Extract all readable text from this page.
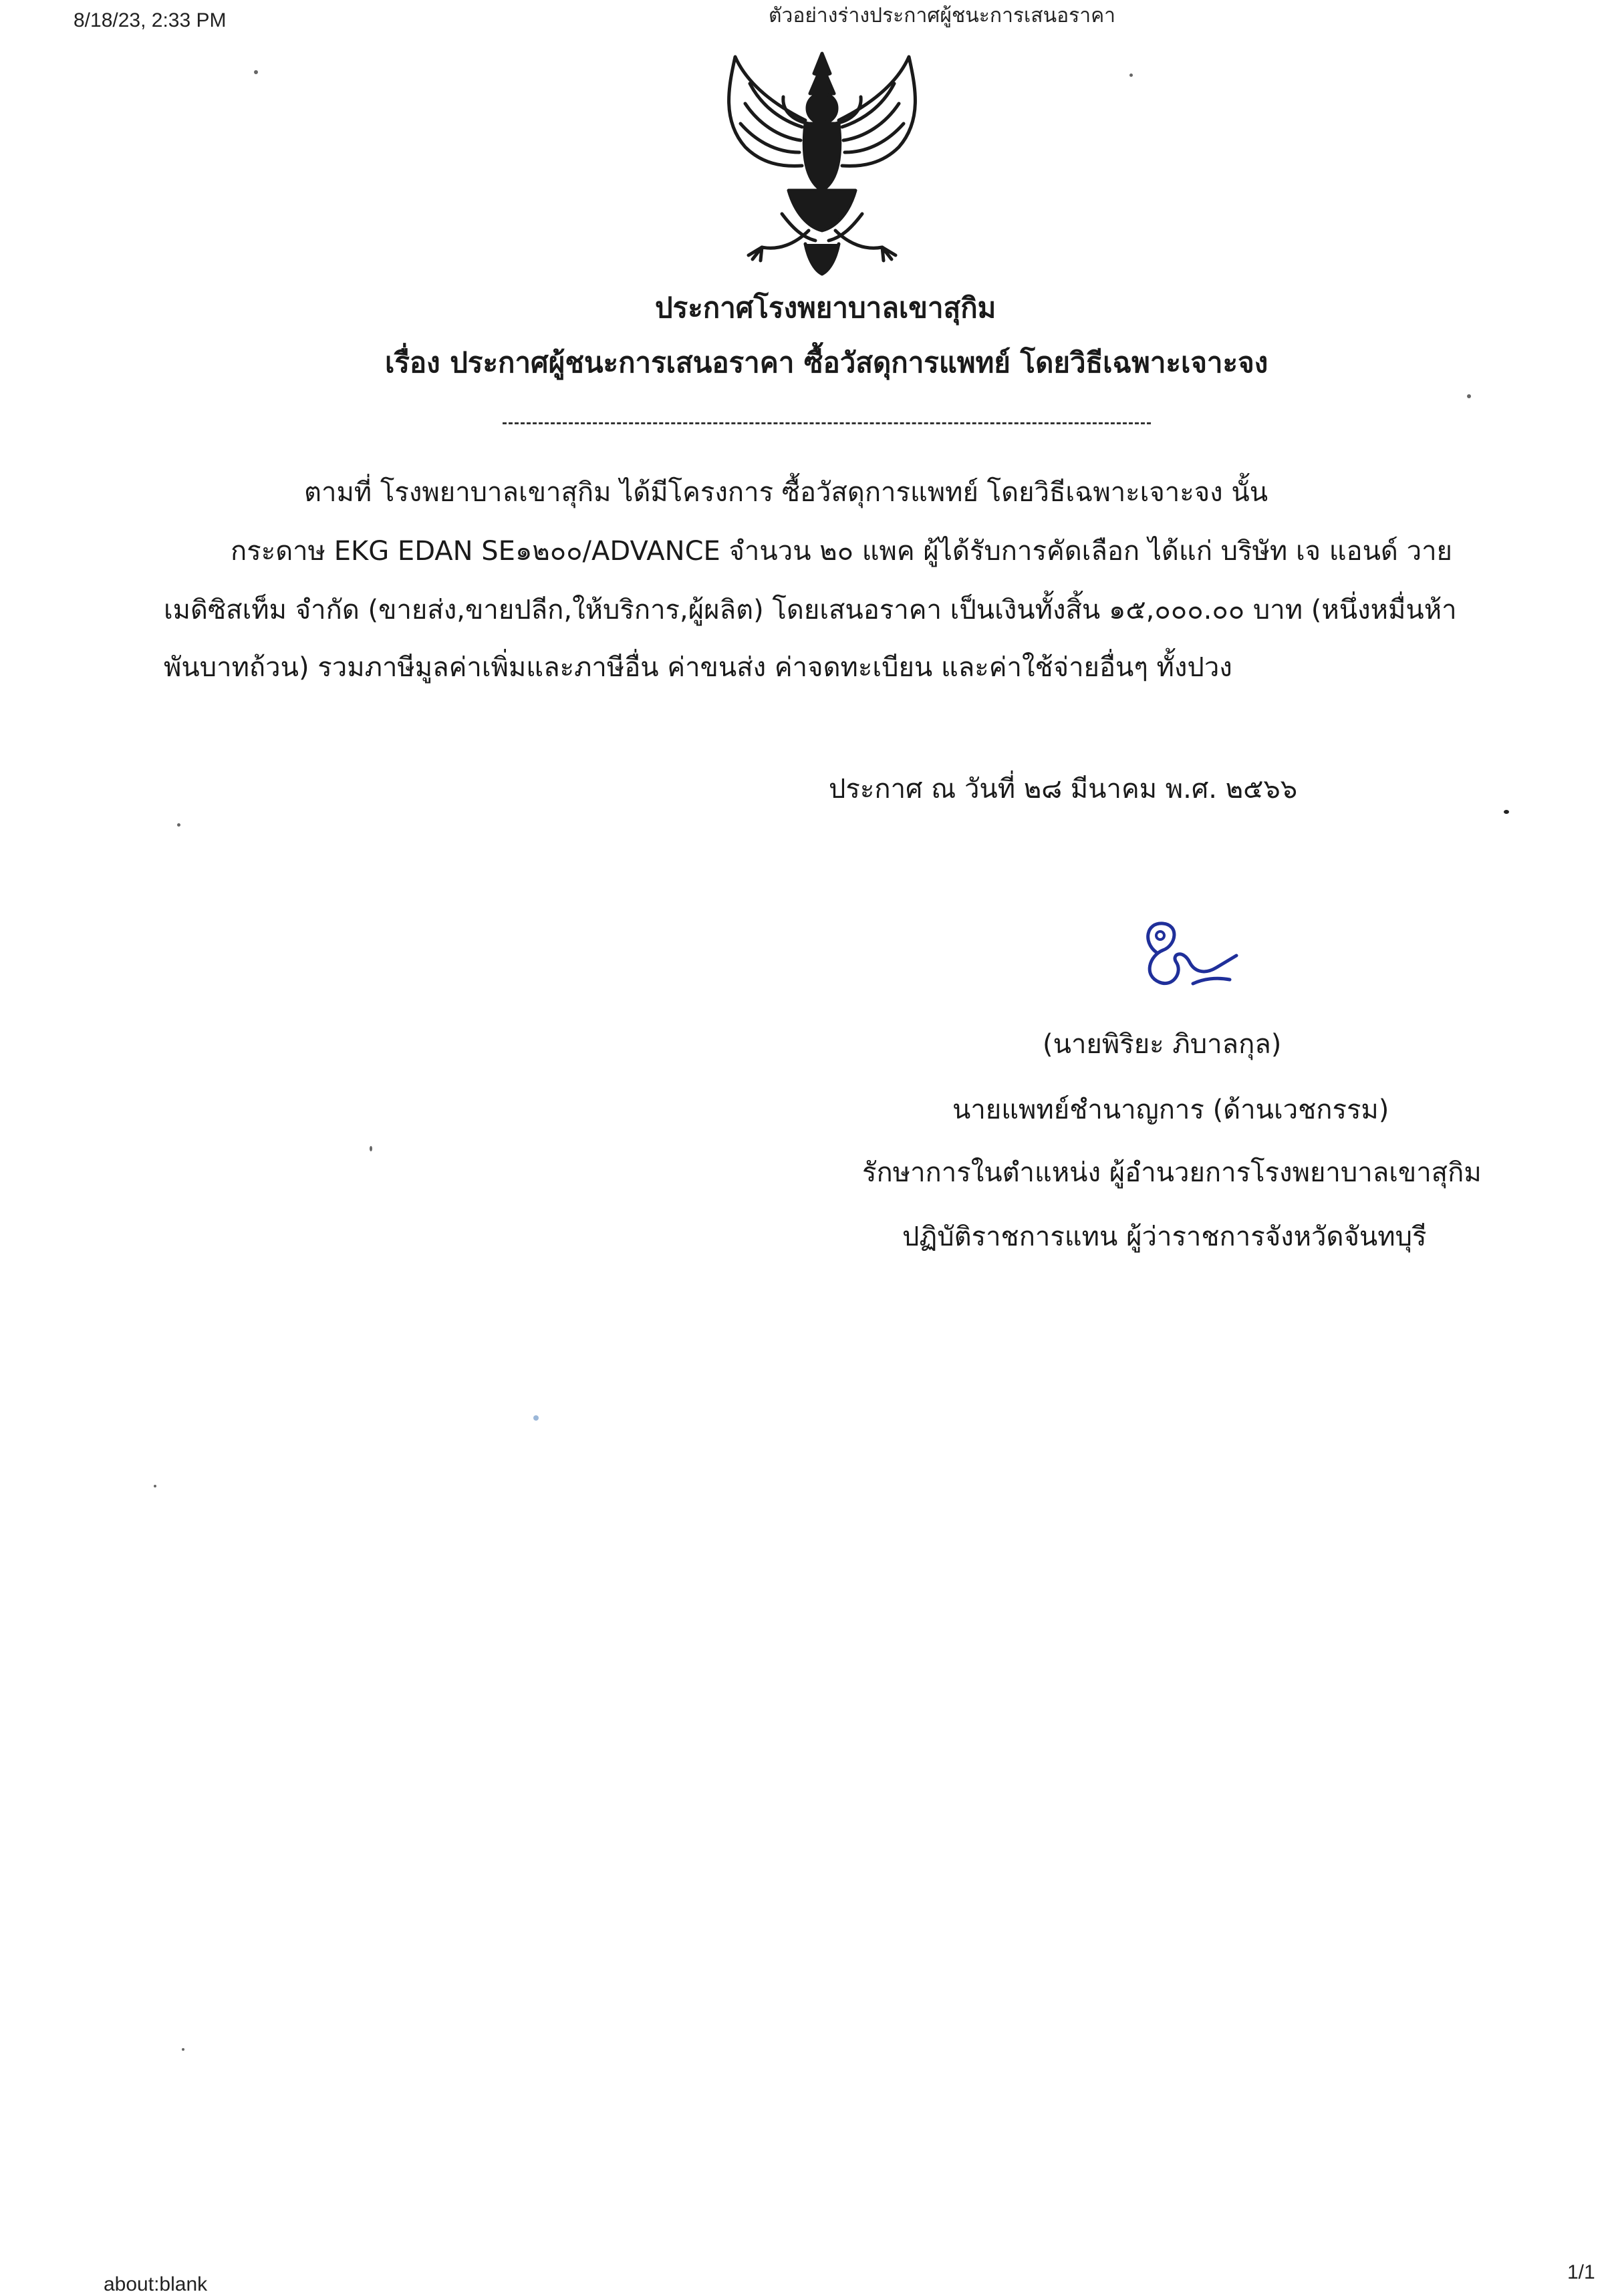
8/18/23, 2:33 PM	ตัวอย่างร่างประกาศผู้ชนะการเสนอราคา
ประกาศโรงพยาบาลเขาสุกิม
เรื่อง ประกาศผู้ชนะการเสนอราคา ซื้อวัสดุการแพทย์ โดยวิธีเฉพาะเจาะจง
ตามที่ โรงพยาบาลเขาสุกิม ได้มีโครงการ ซื้อวัสดุการแพทย์ โดยวิธีเฉพาะเจาะจง นั้น
กระดาษ EKG EDAN SE๑๒๐๐/ADVANCE จำนวน ๒๐ แพค ผู้ได้รับการคัดเลือก ได้แก่ บริษัท เจ แอนด์ วาย
เมดิซิสเท็ม จำกัด (ขายส่ง,ขายปลีก,ให้บริการ,ผู้ผลิต) โดยเสนอราคา เป็นเงินทั้งสิ้น ๑๕,๐๐๐.๐๐ บาท (หนึ่งหมื่นห้า
พันบาทถ้วน) รวมภาษีมูลค่าเพิ่มและภาษีอื่น ค่าขนส่ง ค่าจดทะเบียน และค่าใช้จ่ายอื่นๆ ทั้งปวง
ประกาศ ณ วันที่ ๒๘ มีนาคม พ.ศ. ๒๕๖๖
(นายพิริยะ ภิบาลกุล)
นายแพทย์ชำนาญการ (ด้านเวชกรรม)
รักษาการในตำแหน่ง ผู้อำนวยการโรงพยาบาลเขาสุกิม
ปฏิบัติราชการแทน ผู้ว่าราชการจังหวัดจันทบุรี
about:blank
1/1
